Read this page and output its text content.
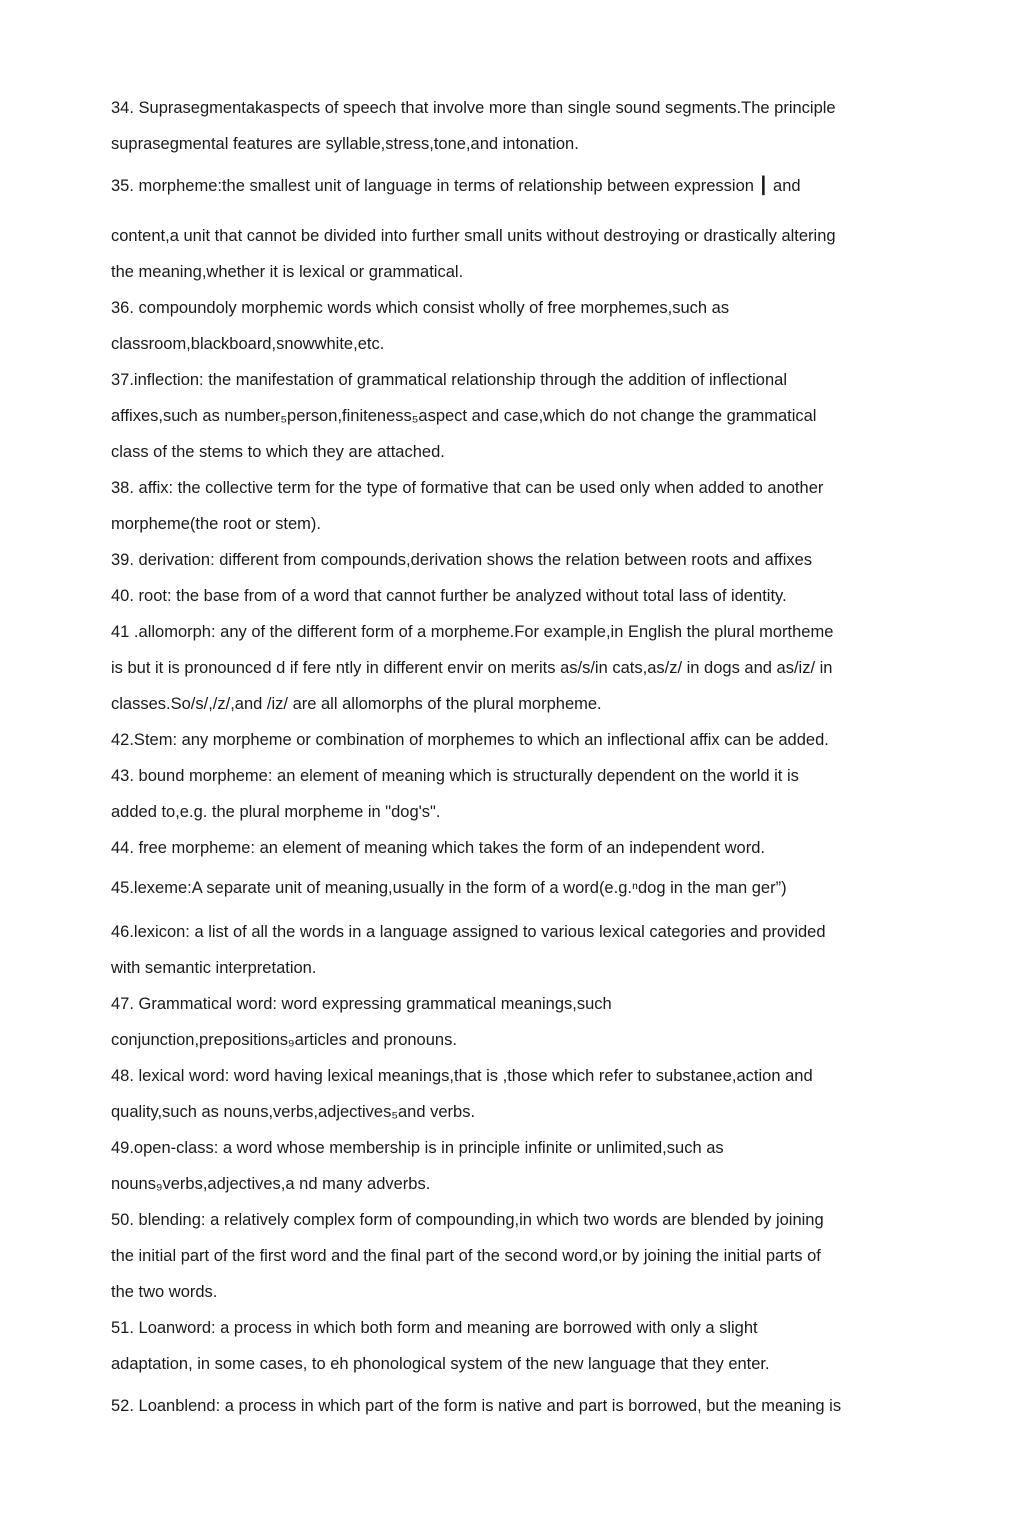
34. Suprasegmentakaspects of speech that involve more than single sound segments.The principle
suprasegmental features are syllable,stress,tone,and intonation.
35. morpheme:the smallest unit of language in terms of relationship between expression ┃ and
content,a unit that cannot be divided into further small units without destroying or drastically altering
the meaning,whether it is lexical or grammatical.
36. compoundoly morphemic words which consist wholly of free morphemes,such as
classroom,blackboard,snowwhite,etc.
37.inflection: the manifestation of grammatical relationship through the addition of inflectional
affixes,such as number₅person,finiteness₅aspect and case,which do not change the grammatical
class of the stems to which they are attached.
38. affix: the collective term for the type of formative that can be used only when added to another
morpheme(the root or stem).
39. derivation: different from compounds,derivation shows the relation between roots and affixes
40. root: the base from of a word that cannot further be analyzed without total lass of identity.
41 .allomorph: any of the different form of a morpheme.For example,in English the plural mortheme
is but it is pronounced d if fere ntly in different envir on merits as/s/in cats,as/z/ in dogs and as/iz/ in
classes.So/s/,/z/,and /iz/ are all allomorphs of the plural morpheme.
42.Stem: any morpheme or combination of morphemes to which an inflectional affix can be added.
43. bound morpheme: an element of meaning which is structurally dependent on the world it is
added to,e.g. the plural morpheme in "dog's".
44. free morpheme: an element of meaning which takes the form of an independent word.
45.lexeme:A separate unit of meaning,usually in the form of a word(e.g.ⁿdog in the man ger”)
46.lexicon: a list of all the words in a language assigned to various lexical categories and provided
with semantic interpretation.
47. Grammatical word: word expressing grammatical meanings,such
conjunction,prepositions₉articles and pronouns.
48. lexical word: word having lexical meanings,that is ,those which refer to substanee,action and
quality,such as nouns,verbs,adjectives₅and verbs.
49.open-class: a word whose membership is in principle infinite or unlimited,such as
nouns₉verbs,adjectives,a nd many adverbs.
50. blending: a relatively complex form of compounding,in which two words are blended by joining
the initial part of the first word and the final part of the second word,or by joining the initial parts of
the two words.
51. Loanword: a process in which both form and meaning are borrowed with only a slight
adaptation, in some cases, to eh phonological system of the new language that they enter.
52. Loanblend: a process in which part of the form is native and part is borrowed, but the meaning is
